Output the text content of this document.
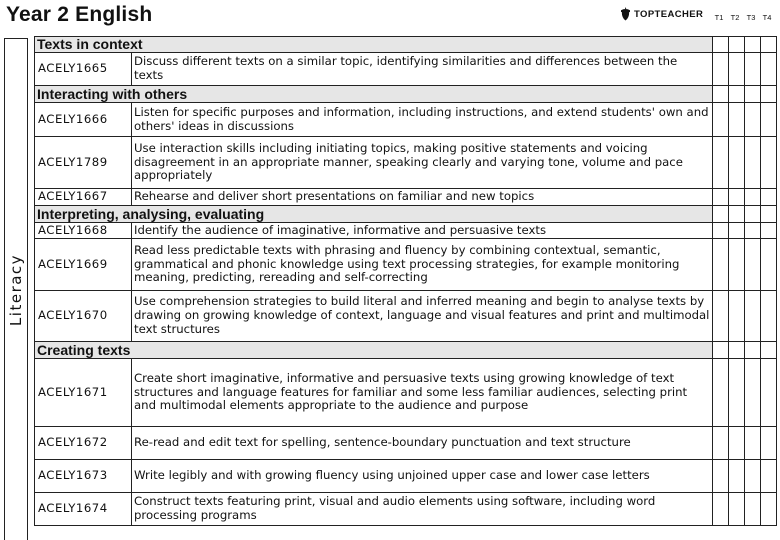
Year 2 English	TOPTEACHER	T1 T2 T3 T4
Literacy
Texts in context					
ACELY1665	Discuss different texts on a similar topic, identifying similarities and differences between the texts				
Interacting with others					
ACELY1666	Listen for specific purposes and information, including instructions, and extend students' own and others' ideas in discussions				
ACELY1789	Use interaction skills including initiating topics, making positive statements and voicing disagreement in an appropriate manner, speaking clearly and varying tone, volume and pace appropriately				
ACELY1667	Rehearse and deliver short presentations on familiar and new topics				
Interpreting, analysing, evaluating					
ACELY1668	Identify the audience of imaginative, informative and persuasive texts				
ACELY1669	Read less predictable texts with phrasing and fluency by combining contextual, semantic, grammatical and phonic knowledge using text processing strategies, for example monitoring meaning, predicting, rereading and self-correcting				
ACELY1670	Use comprehension strategies to build literal and inferred meaning and begin to analyse texts by drawing on growing knowledge of context, language and visual features and print and multimodal text structures				
Creating texts					
ACELY1671	Create short imaginative, informative and persuasive texts using growing knowledge of text structures and language features for familiar and some less familiar audiences, selecting print and multimodal elements appropriate to the audience and purpose				
ACELY1672	Re-read and edit text for spelling, sentence-boundary punctuation and text structure				
ACELY1673	Write legibly and with growing fluency using unjoined upper case and lower case letters				
ACELY1674	Construct texts featuring print, visual and audio elements using software, including word processing programs				
